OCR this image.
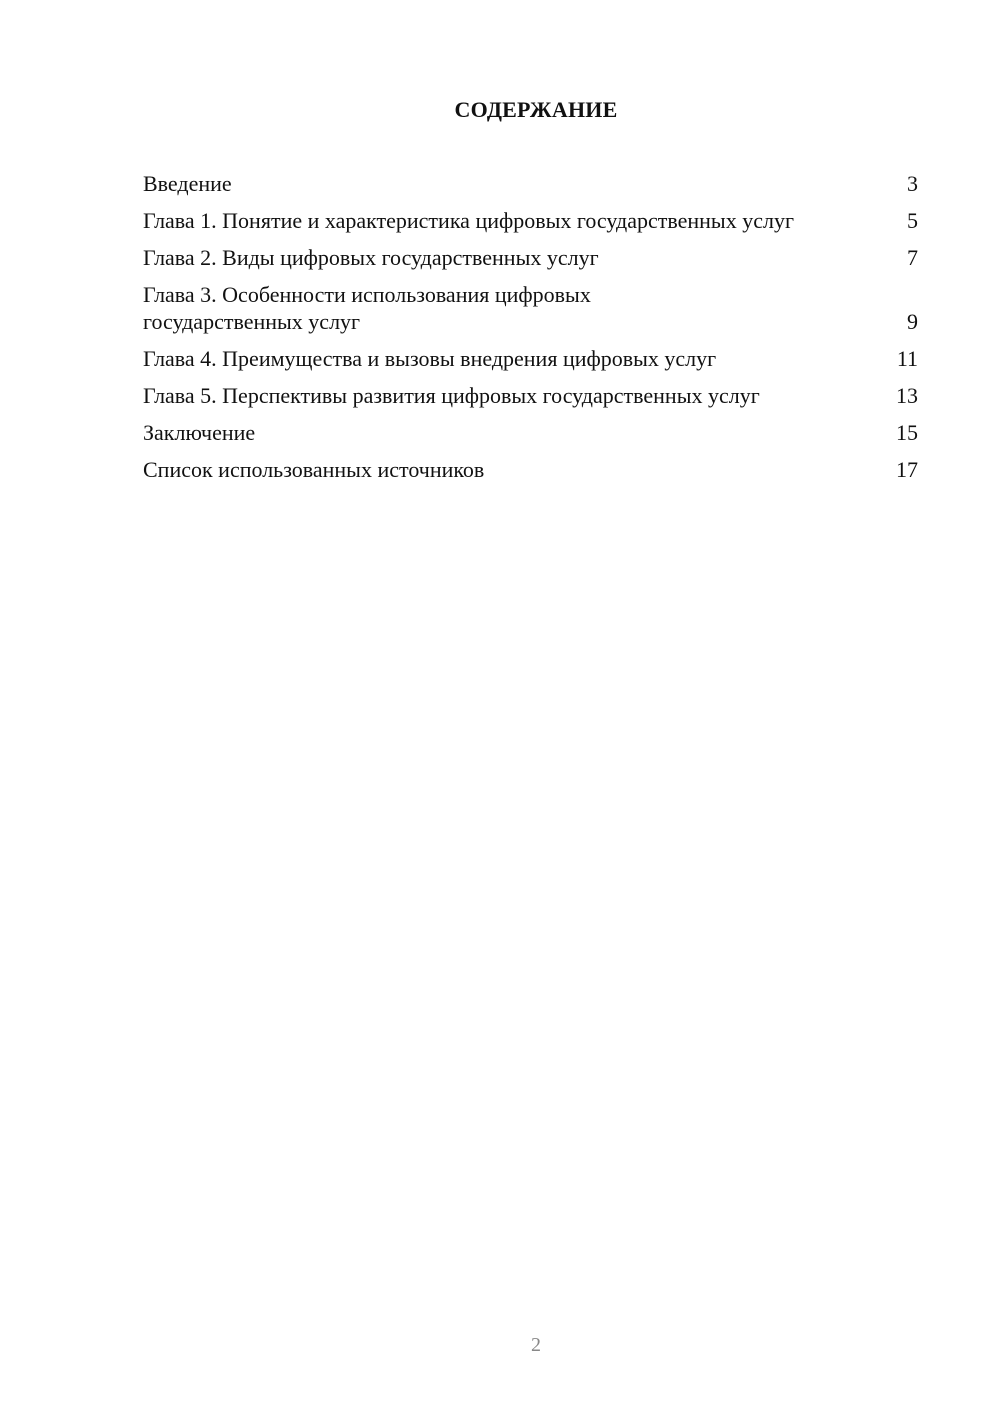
СОДЕРЖАНИЕ
Введение	3
Глава 1. Понятие и характеристика цифровых государственных услуг	5
Глава 2. Виды цифровых государственных услуг	7
Глава 3. Особенности использования цифровых государственных услуг	9
Глава 4. Преимущества и вызовы внедрения цифровых услуг	11
Глава 5. Перспективы развития цифровых государственных услуг	13
Заключение	15
Список использованных источников	17
2
